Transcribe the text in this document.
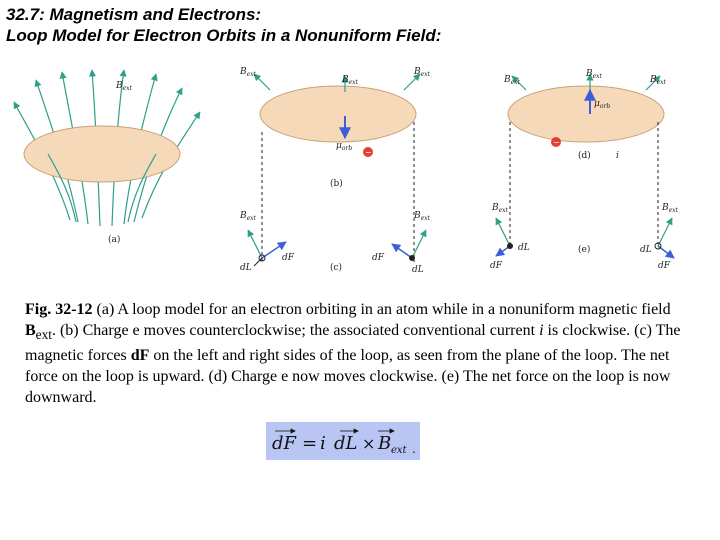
32.7: Magnetism and Electrons:
Loop Model for Electron Orbits in a Nonuniform Field:
$B_{ext}$
(a)
$B_{ext}$
$B_{ext}$
$B_{ext}$
$\mu_{orb}$ −
(b)
$B_{ext}$	$B_{ext}$
dL
dF	dF
dL
(c)
$B_{ext}$
$B_{ext}$	$B_{ext}$
$\mu_{orb}$
−
(d)	i
$B_{ext}$	$B_{ext}$
dL
dF
dL
dF
(e)

Fig. 32-12 (a) A loop model for an electron orbiting in an atom while in a nonuniform magnetic field $B_{ext}$. (b) Charge e moves counterclockwise; the associated conventional current i is clockwise. (c) The magnetic forces dF on the left and right sides of the loop, as seen from the plane of the loop. The net force on the loop is upward. (d) Charge e now moves clockwise. (e) The net force on the loop is now downward.

dF = i dL × B ext .
